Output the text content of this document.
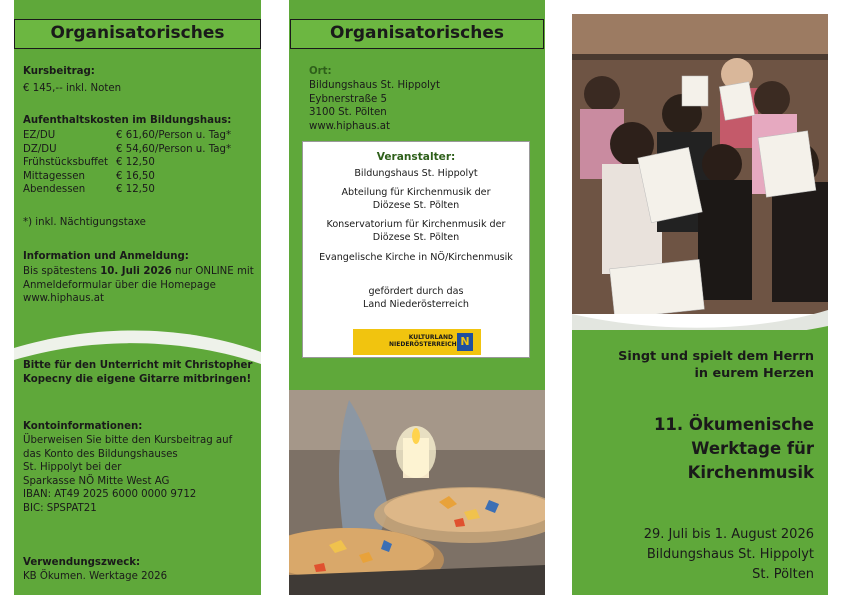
Organisatorisches
Kursbeitrag:
€ 145,-- inkl. Noten
Aufenthaltskosten im Bildungshaus:
EZ/DU	€ 61,60/Person u. Tag*
DZ/DU	€ 54,60/Person u. Tag*
Frühstücksbuffet € 12,50
Mittagessen	€ 16,50
Abendessen	€ 12,50
*) inkl. Nächtigungstaxe
Information und Anmeldung:
Bis spätestens 10. Juli 2026 nur ONLINE mit
Anmeldeformular über die Homepage
www.hiphaus.at
Bitte für den Unterricht mit Christopher
Kopecny die eigene Gitarre mitbringen!
Kontoinformationen:
Überweisen Sie bitte den Kursbeitrag auf
das Konto des Bildungshauses
St. Hippolyt bei der
Sparkasse NÖ Mitte West AG
IBAN: AT49 2025 6000 0000 9712
BIC: SPSPAT21
Verwendungszweck:
KB Ökumen. Werktage 2026
Organisatorisches
Ort:
Bildungshaus St. Hippolyt
Eybnerstraße 5
3100 St. Pölten
www.hiphaus.at
Veranstalter:

Bildungshaus St. Hippolyt

Abteilung für Kirchenmusik der Diözese St. Pölten

Konservatorium für Kirchenmusik der Diözese St. Pölten

Evangelische Kirche in NÖ/Kirchenmusik

gefördert durch das
Land Niederösterreich
KULTURLAND
NIEDERÖSTERREICH N
Singt und spielt dem Herrn
in eurem Herzen
11. Ökumenische
Werktage für
Kirchenmusik
29. Juli bis 1. August 2026
Bildungshaus St. Hippolyt
St. Pölten
